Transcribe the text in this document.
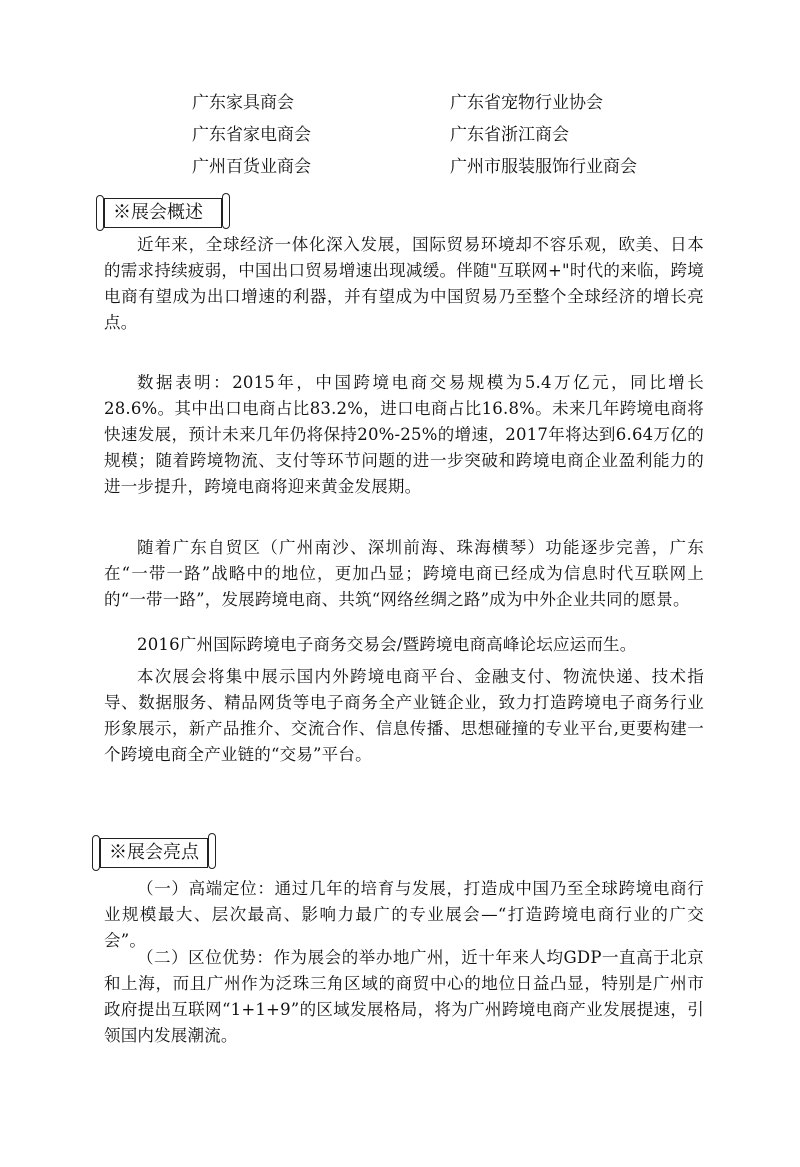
广东家具商会	广东省宠物行业协会
广东省家电商会	广东省浙江商会
广州百货业商会	广州市服装服饰行业商会
※展会概述

近年来，全球经济一体化深入发展，国际贸易环境却不容乐观，欧美、日本的需求持续疲弱，中国出口贸易增速出现减缓。伴随"互联网+"时代的来临，跨境电商有望成为出口增速的利器，并有望成为中国贸易乃至整个全球经济的增长亮点。

数据表明：2015年，中国跨境电商交易规模为5.4万亿元，同比增长28.6%。其中出口电商占比83.2%，进口电商占比16.8%。未来几年跨境电商将快速发展，预计未来几年仍将保持20%-25%的增速，2017年将达到6.64万亿的规模；随着跨境物流、支付等环节问题的进一步突破和跨境电商企业盈利能力的进一步提升，跨境电商将迎来黄金发展期。

随着广东自贸区（广州南沙、深圳前海、珠海横琴）功能逐步完善，广东在“一带一路”战略中的地位，更加凸显；跨境电商已经成为信息时代互联网上的“一带一路”，发展跨境电商、共筑“网络丝绸之路”成为中外企业共同的愿景。

2016广州国际跨境电子商务交易会/暨跨境电商高峰论坛应运而生。

本次展会将集中展示国内外跨境电商平台、金融支付、物流快递、技术指导、数据服务、精品网货等电子商务全产业链企业，致力打造跨境电子商务行业形象展示，新产品推介、交流合作、信息传播、思想碰撞的专业平台,更要构建一个跨境电商全产业链的“交易”平台。

※展会亮点

（一）高端定位：通过几年的培育与发展，打造成中国乃至全球跨境电商行业规模最大、层次最高、影响力最广的专业展会—“打造跨境电商行业的广交会”。

（二）区位优势：作为展会的举办地广州，近十年来人均GDP一直高于北京和上海，而且广州作为泛珠三角区域的商贸中心的地位日益凸显，特别是广州市政府提出互联网“1+1+9”的区域发展格局，将为广州跨境电商产业发展提速，引领国内发展潮流。
